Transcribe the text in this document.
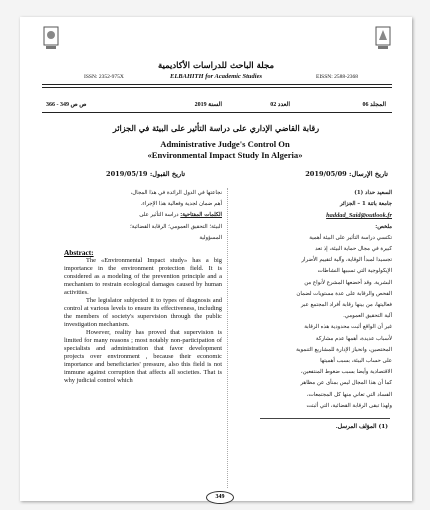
مجلة الباحث للدراسات الأكاديمية
ELBAHITH for Academic Studies
ISSN: 2352-975X	EISSN: 2588-2368
المجلد 06
العدد 02
السنة 2019
ص ص 349 - 366
رقابة القاضي الإداري على دراسة التأثير على البيئة في الجزائر
Administrative Judge's Control On «Environmental Impact Study In Algeria»
تاريخ الإرسال: 2019/05/09
تاريخ القبول: 2019/05/19
نجاعتها في الدول الرائدة في هذا المجال،
أهم ضمان لجدية وفعالية هذا الإجراء.
الكلمات المفتاحية: دراسة التأثير على
البيئة؛ التحقيق العمومي؛ الرقابة القضائية؛
المسؤولية
Abstract:

The «Environmental Impact study» has a big importance in the environment protection field. It is considered as a modeling of the prevention principle and a mechanism to restrain ecological damages caused by human activities.

The legislator subjected it to types of diagnosis and control at various levels to ensure its effectiveness, including the members of society's supervision through the public investigation mechanism.

However, reality has proved that supervision is limited for many reasons ; most notably non-participation of specialists and administration that favor development projects over environment , because their economic importance and beneficiaries' pressure, also this field is not immune against corruption that affects all societies. That is why judicial control which

السعيد حداد (1)
جامعة باتنة 1 – الجزائر
haddad_Said@outlook.fr
ملخص:
تكتسي دراسة التأثير على البيئة أهمية
كبيرة في مجال حماية البيئة، إذ تعد
تجسيدا لمبدأ الوقاية، وآلية لتقييم الأضرار
الإيكولوجية التي تسببها النشاطات
البشرية. وقد أخضعها المشرع لأنواع من
الفحص والرقابة على عدة مستويات لضمان
فعاليتها، من بينها رقابة أفراد المجتمع عبر
آلية التحقيق العمومي.
غير أن الواقع أثبت محدودية هذه الرقابة
لأسباب عديدة، أهمها عدم مشاركة
المختصين، وانحياز الإدارة للمشاريع التنموية
على حساب البيئة، بسبب أهميتها
الاقتصادية وأيضا بسبب ضغوط المنتفعين،
كما أن هذا المجال ليس بمنأى عن مظاهر
الفساد التي تعاني منها كل المجتمعات،
ولهذا تبقى الرقابة القضائية، التي أثبتت
(1) المؤلف المرسل.
349
